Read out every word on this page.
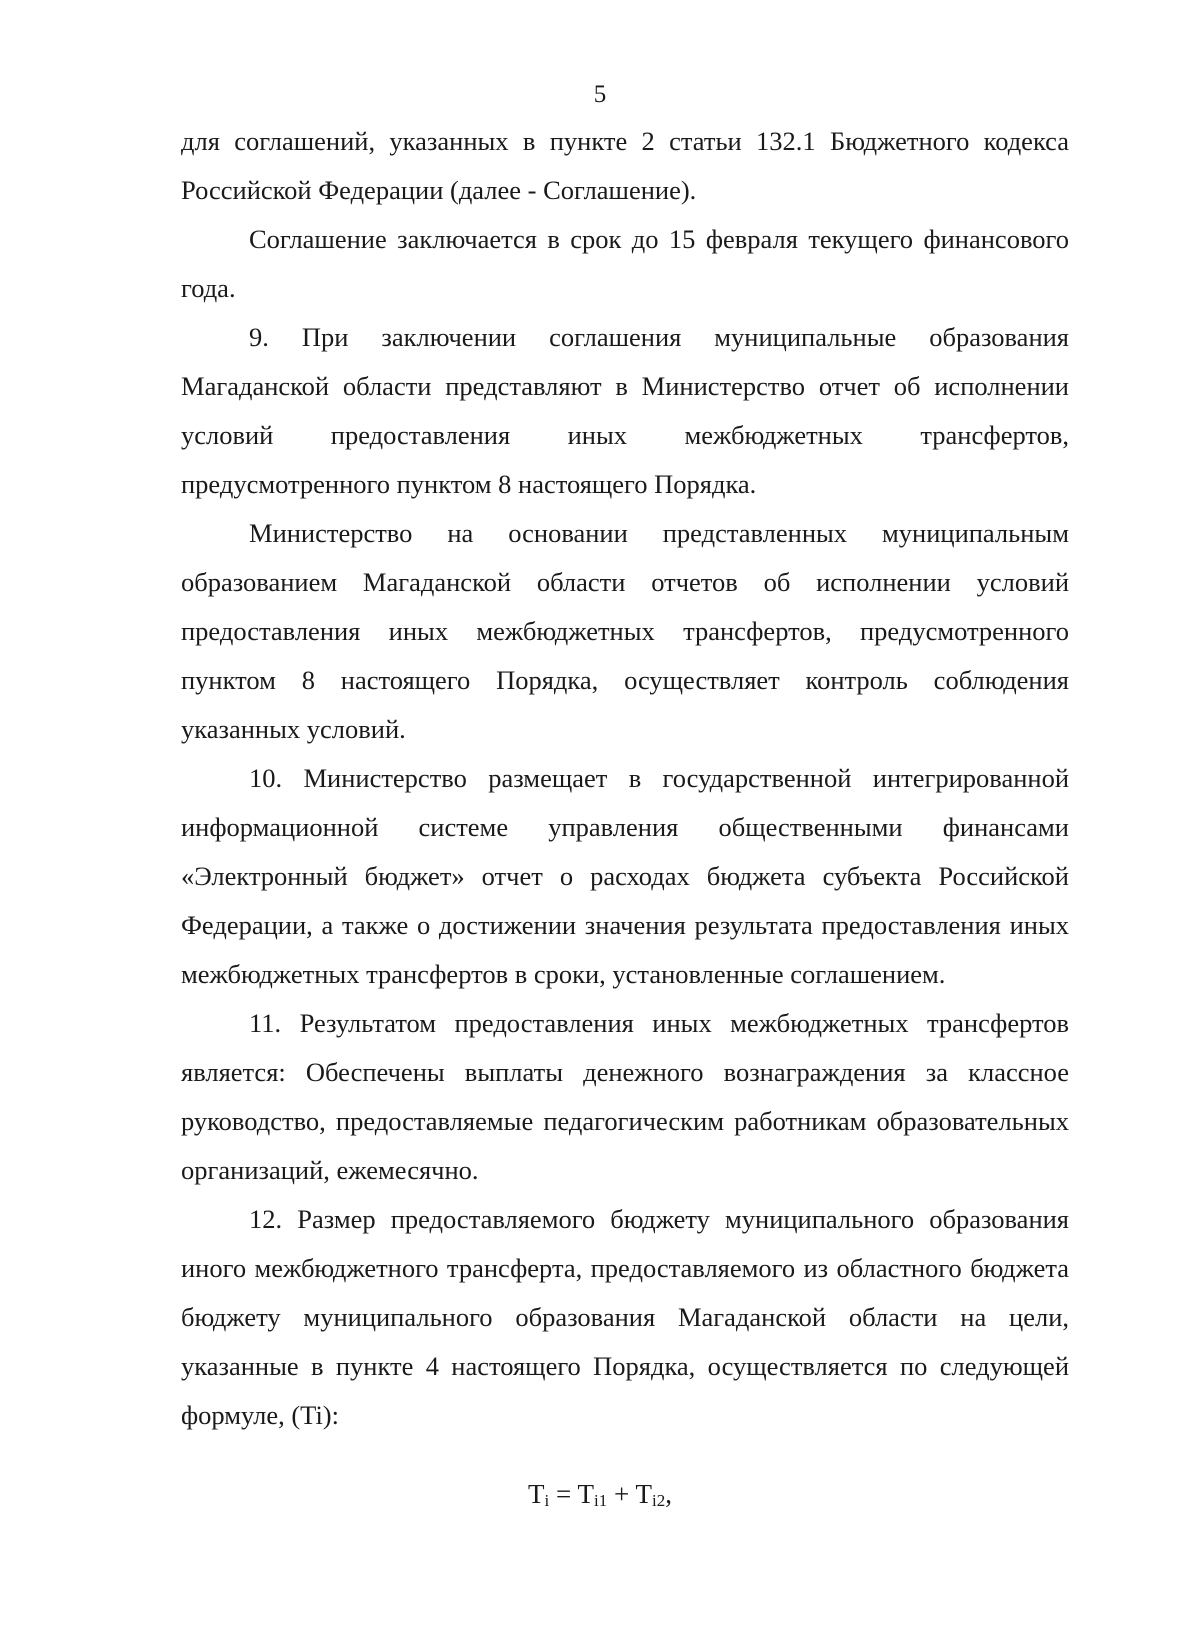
5

для соглашений, указанных в пункте 2 статьи 132.1 Бюджетного кодекса Российской Федерации (далее - Соглашение).

Соглашение заключается в срок до 15 февраля текущего финансового года.

9. При заключении соглашения муниципальные образования Магаданской области представляют в Министерство отчет об исполнении условий предоставления иных межбюджетных трансфертов, предусмотренного пунктом 8 настоящего Порядка.

Министерство на основании представленных муниципальным образованием Магаданской области отчетов об исполнении условий предоставления иных межбюджетных трансфертов, предусмотренного пунктом 8 настоящего Порядка, осуществляет контроль соблюдения указанных условий.

10. Министерство размещает в государственной интегрированной информационной системе управления общественными финансами «Электронный бюджет» отчет о расходах бюджета субъекта Российской Федерации, а также о достижении значения результата предоставления иных межбюджетных трансфертов в сроки, установленные соглашением.

11. Результатом предоставления иных межбюджетных трансфертов является: Обеспечены выплаты денежного вознаграждения за классное руководство, предоставляемые педагогическим работникам образовательных организаций, ежемесячно.

12. Размер предоставляемого бюджету муниципального образования иного межбюджетного трансферта, предоставляемого из областного бюджета бюджету муниципального образования Магаданской области на цели, указанные в пункте 4 настоящего Порядка, осуществляется по следующей формуле, (Ti):

$T_i = T_{i1} + T_{i2}$,
